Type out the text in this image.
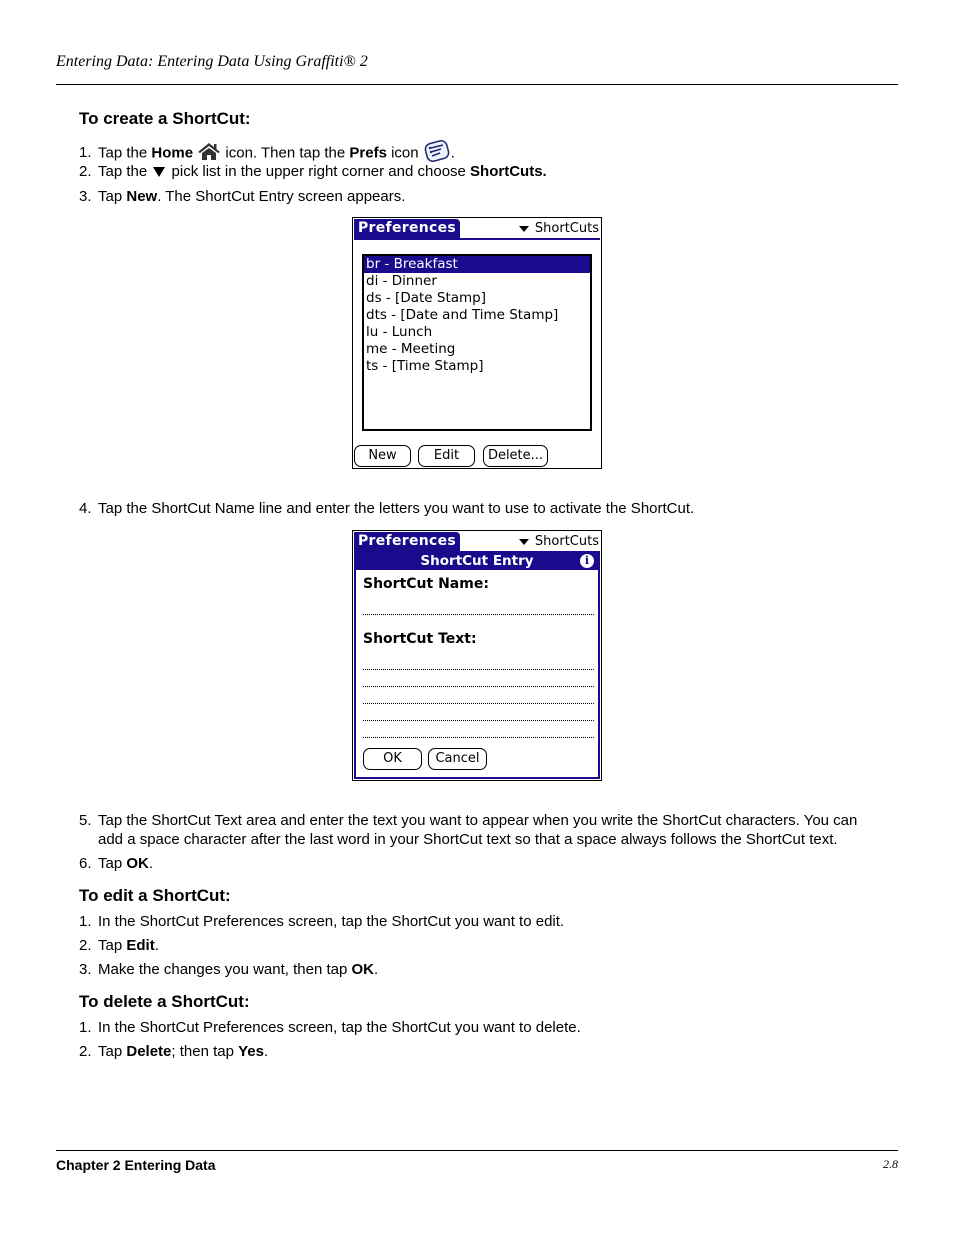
Entering Data: Entering Data Using Graffiti® 2
To create a ShortCut:
1. Tap the Home  icon. Then tap the Prefs icon .
2. Tap the  pick list in the upper right corner and choose ShortCuts.
3. Tap New. The ShortCut Entry screen appears.
Preferences	ShortCuts
br - Breakfast
di - Dinner
ds - [Date Stamp]
dts - [Date and Time Stamp]
lu - Lunch
me - Meeting
ts - [Time Stamp]
New	Edit	Delete...
4. Tap the ShortCut Name line and enter the letters you want to use to activate the ShortCut.
Preferences	ShortCuts
ShortCut Entry	i
ShortCut Name:
ShortCut Text:
OK	Cancel
5. Tap the ShortCut Text area and enter the text you want to appear when you write the ShortCut characters. You can
add a space character after the last word in your ShortCut text so that a space always follows the ShortCut text.
6. Tap OK.
To edit a ShortCut:
1. In the ShortCut Preferences screen, tap the ShortCut you want to edit.
2. Tap Edit.
3. Make the changes you want, then tap OK.
To delete a ShortCut:
1. In the ShortCut Preferences screen, tap the ShortCut you want to delete.
2. Tap Delete; then tap Yes.
Chapter 2 Entering Data	2.8
